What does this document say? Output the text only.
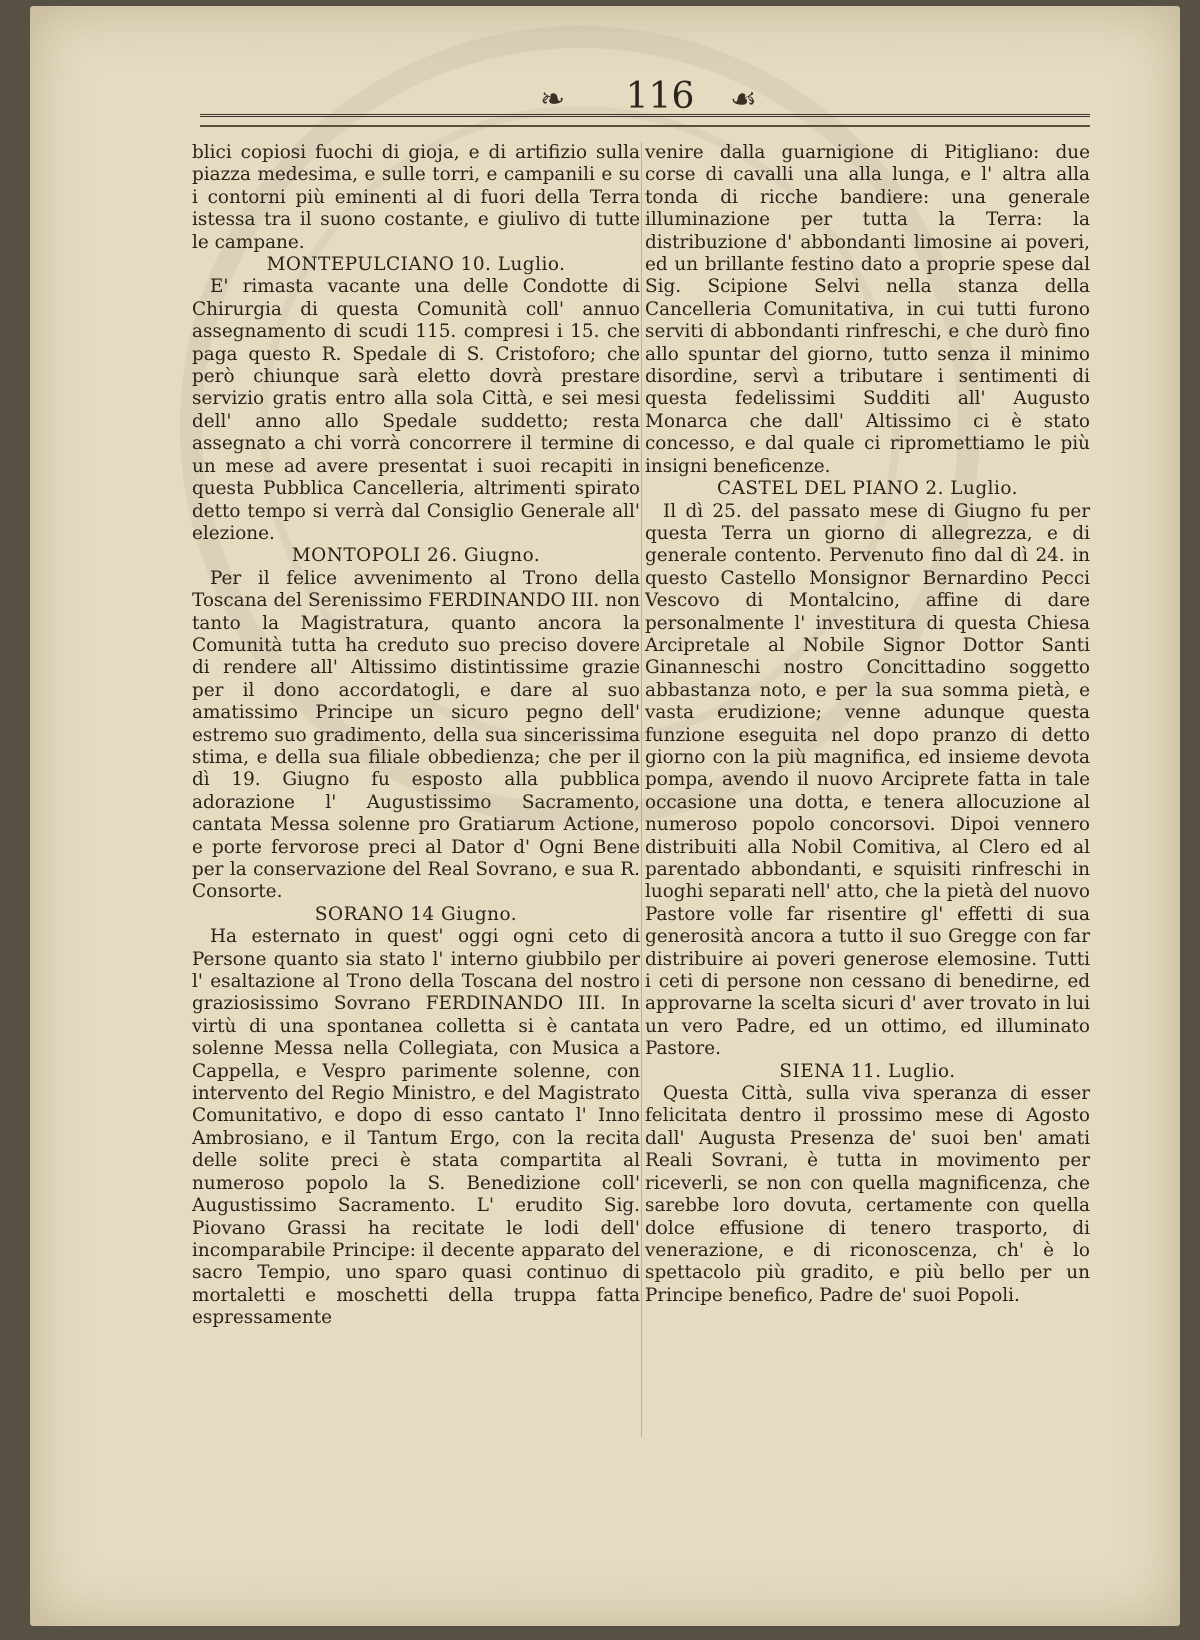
❧	116	☙

blici copiosi fuochi di gioja, e di artifizio sulla piazza medesima, e sulle torri, e campanili e su i contorni più eminenti al di fuori della Terra istessa tra il suono costante, e giulivo di tutte le campane.

MONTEPULCIANO 10. Luglio.

E' rimasta vacante una delle Condotte di Chirurgia di questa Comunità coll' annuo assegnamento di scudi 115. compresi i 15. che paga questo R. Spedale di S. Cristoforo; che però chiunque sarà eletto dovrà prestare servizio gratis entro alla sola Città, e sei mesi dell' anno allo Spedale suddetto; resta assegnato a chi vorrà concorrere il termine di un mese ad avere presentat i suoi recapiti in questa Pubblica Cancelleria, altrimenti spirato detto tempo si verrà dal Consiglio Generale all' elezione.

MONTOPOLI 26. Giugno.

Per il felice avvenimento al Trono della Toscana del Serenissimo FERDINANDO III. non tanto la Magistratura, quanto ancora la Comunità tutta ha creduto suo preciso dovere di rendere all' Altissimo distintissime grazie per il dono accordatogli, e dare al suo amatissimo Principe un sicuro pegno dell' estremo suo gradimento, della sua sincerissima stima, e della sua filiale obbedienza; che per il dì 19. Giugno fu esposto alla pubblica adorazione l' Augustissimo Sacramento, cantata Messa solenne pro Gratiarum Actione, e porte fervorose preci al Dator d' Ogni Bene per la conservazione del Real Sovrano, e sua R. Consorte.

SORANO 14 Giugno.

Ha esternato in quest' oggi ogni ceto di Persone quanto sia stato l' interno giubbilo per l' esaltazione al Trono della Toscana del nostro graziosissimo Sovrano FERDINANDO III. In virtù di una spontanea colletta si è cantata solenne Messa nella Collegiata, con Musica a Cappella, e Vespro parimente solenne, con intervento del Regio Ministro, e del Magistrato Comunitativo, e dopo di esso cantato l' Inno Ambrosiano, e il Tantum Ergo, con la recita delle solite preci è stata compartita al numeroso popolo la S. Benedizione coll' Augustissimo Sacramento. L' erudito Sig. Piovano Grassi ha recitate le lodi dell' incomparabile Principe: il decente apparato del sacro Tempio, uno sparo quasi continuo di mortaletti e moschetti della truppa fatta espressamente

venire dalla guarnigione di Pitigliano: due corse di cavalli una alla lunga, e l' altra alla tonda di ricche bandiere: una generale illuminazione per tutta la Terra: la distribuzione d' abbondanti limosine ai poveri, ed un brillante festino dato a proprie spese dal Sig. Scipione Selvi nella stanza della Cancelleria Comunitativa, in cui tutti furono serviti di abbondanti rinfreschi, e che durò fino allo spuntar del giorno, tutto senza il minimo disordine, servì a tributare i sentimenti di questa fedelissimi Sudditi all' Augusto Monarca che dall' Altissimo ci è stato concesso, e dal quale ci ripromettiamo le più insigni beneficenze.

CASTEL DEL PIANO 2. Luglio.

Il dì 25. del passato mese di Giugno fu per questa Terra un giorno di allegrezza, e di generale contento. Pervenuto fino dal dì 24. in questo Castello Monsignor Bernardino Pecci Vescovo di Montalcino, affine di dare personalmente l' investitura di questa Chiesa Arcipretale al Nobile Signor Dottor Santi Ginanneschi nostro Concittadino soggetto abbastanza noto, e per la sua somma pietà, e vasta erudizione; venne adunque questa funzione eseguita nel dopo pranzo di detto giorno con la più magnifica, ed insieme devota pompa, avendo il nuovo Arciprete fatta in tale occasione una dotta, e tenera allocuzione al numeroso popolo concorsovi. Dipoi vennero distribuiti alla Nobil Comitiva, al Clero ed al parentado abbondanti, e squisiti rinfreschi in luoghi separati nell' atto, che la pietà del nuovo Pastore volle far risentire gl' effetti di sua generosità ancora a tutto il suo Gregge con far distribuire ai poveri generose elemosine. Tutti i ceti di persone non cessano di benedirne, ed approvarne la scelta sicuri d' aver trovato in lui un vero Padre, ed un ottimo, ed illuminato Pastore.

SIENA 11. Luglio.

Questa Città, sulla viva speranza di esser felicitata dentro il prossimo mese di Agosto dall' Augusta Presenza de' suoi ben' amati Reali Sovrani, è tutta in movimento per riceverli, se non con quella magnificenza, che sarebbe loro dovuta, certamente con quella dolce effusione di tenero trasporto, di venerazione, e di riconoscenza, ch' è lo spettacolo più gradito, e più bello per un Principe benefico, Padre de' suoi Popoli.
